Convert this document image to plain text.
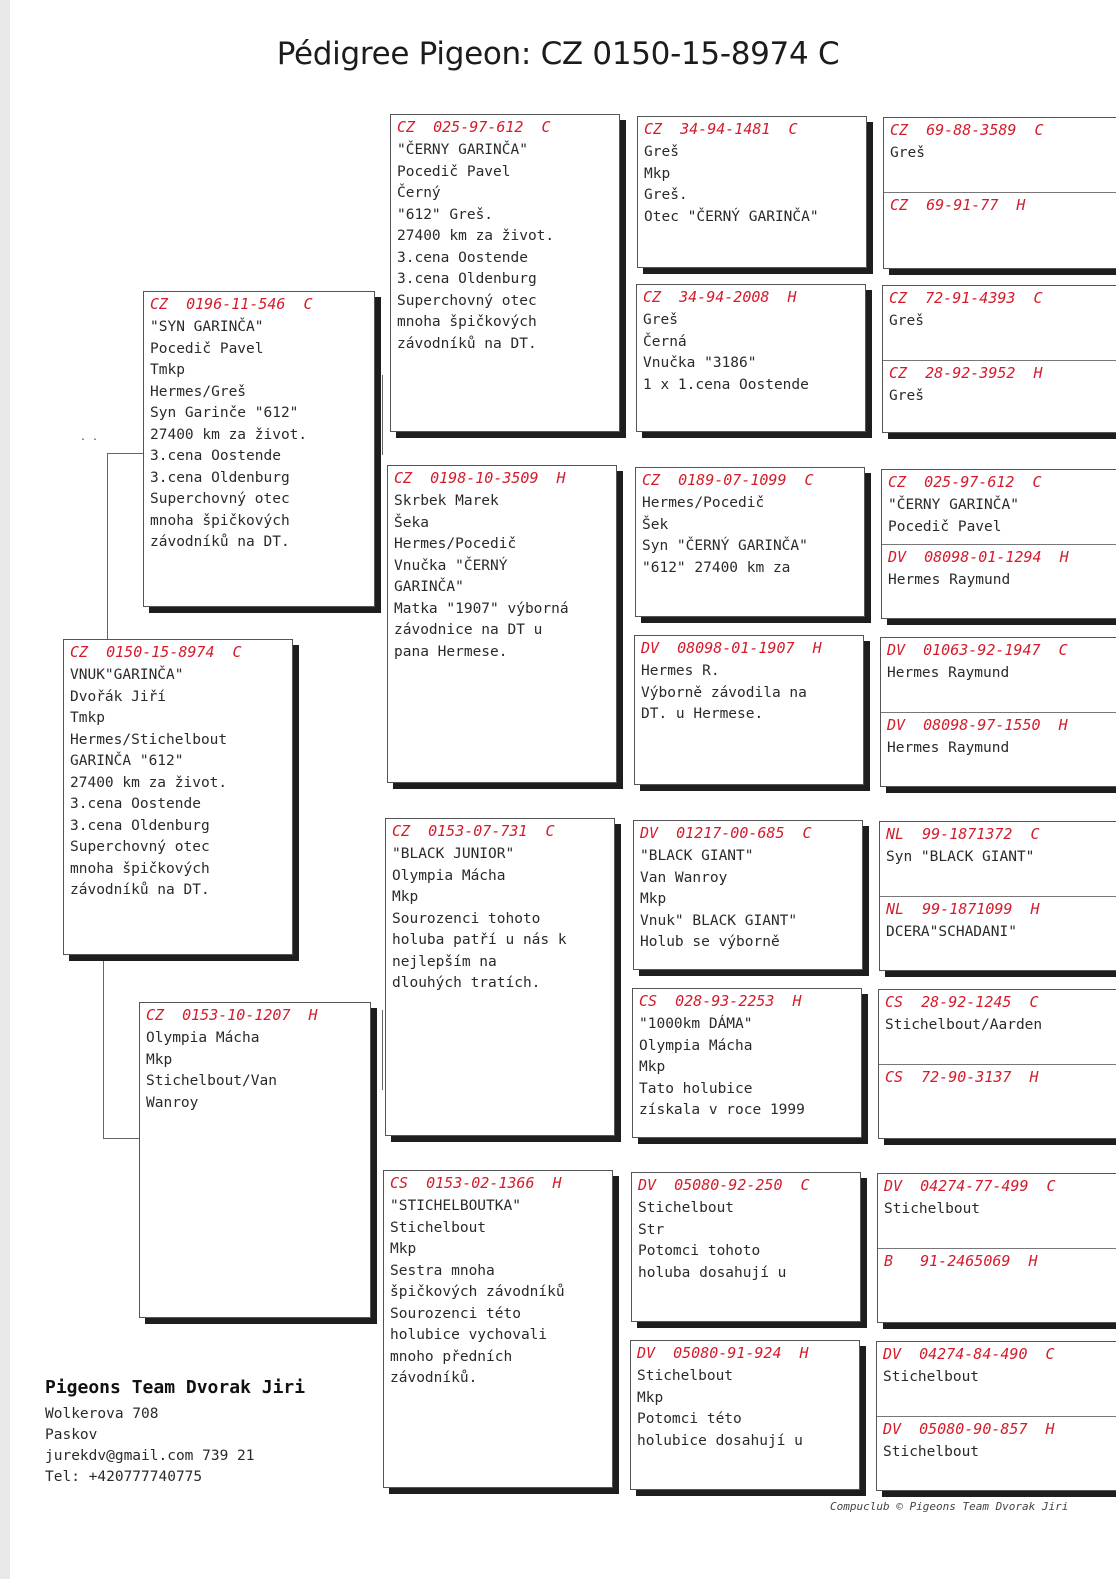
Pédigree Pigeon: CZ 0150-15-8974 C
. .
CZ  0150-15-8974  C
VNUK"GARINČA"
Dvořák Jiří
Tmkp
Hermes/Stichelbout
GARINČA "612"
27400 km za život.
3.cena Oostende
3.cena Oldenburg
Superchovný otec
mnoha špičkových
závodníků na DT.
CZ  0196-11-546  C
"SYN GARINČA"
Pocedič Pavel
Tmkp
Hermes/Greš
Syn Garinče "612"
27400 km za život.
3.cena Oostende
3.cena Oldenburg
Superchovný otec
mnoha špičkových
závodníků na DT.
CZ  0153-10-1207  H
Olympia Mácha
Mkp
Stichelbout/Van
Wanroy
CZ  025-97-612  C
"ČERNY GARINČA"
Pocedič Pavel
Černý
"612" Greš.
27400 km za život.
3.cena Oostende
3.cena Oldenburg
Superchovný otec
mnoha špičkových
závodníků na DT.
CZ  0198-10-3509  H
Skrbek Marek
Šeka
Hermes/Pocedič
Vnučka "ČERNÝ
GARINČA"
Matka "1907" výborná
závodnice na DT u
pana Hermese.
CZ  0153-07-731  C
"BLACK JUNIOR"
Olympia Mácha
Mkp
Sourozenci tohoto
holuba patří u nás k
nejlepším na
dlouhých tratích.
CS  0153-02-1366  H
"STICHELBOUTKA"
Stichelbout
Mkp
Sestra mnoha
špičkových závodníků
Sourozenci této
holubice vychovali
mnoho předních
závodníků.
CZ  34-94-1481  C
Greš
Mkp
Greš.
Otec "ČERNÝ GARINČA"
CZ  34-94-2008  H
Greš
Černá
Vnučka "3186"
1 x 1.cena Oostende
CZ  0189-07-1099  C
Hermes/Pocedič
Šek
Syn "ČERNÝ GARINČA"
"612" 27400 km za
DV  08098-01-1907  H
Hermes R.
Výborně závodila na
DT. u Hermese.
DV  01217-00-685  C
"BLACK GIANT"
Van Wanroy
Mkp
Vnuk" BLACK GIANT"
Holub se výborně
CS  028-93-2253  H
"1000km DÁMA"
Olympia Mácha
Mkp
Tato holubice
získala v roce 1999
DV  05080-92-250  C
Stichelbout
Str
Potomci tohoto
holuba dosahují u
DV  05080-91-924  H
Stichelbout
Mkp
Potomci této
holubice dosahují u
CZ  69-88-3589  C
Greš
CZ  69-91-77  H
CZ  72-91-4393  C
Greš
CZ  28-92-3952  H
Greš
CZ  025-97-612  C
"ČERNY GARINČA"
Pocedič Pavel
DV  08098-01-1294  H
Hermes Raymund
DV  01063-92-1947  C
Hermes Raymund
DV  08098-97-1550  H
Hermes Raymund
NL  99-1871372  C
Syn "BLACK GIANT"
NL  99-1871099  H
DCERA"SCHADANI"
CS  28-92-1245  C
Stichelbout/Aarden
CS  72-90-3137  H
DV  04274-77-499  C
Stichelbout
B   91-2465069  H
DV  04274-84-490  C
Stichelbout
DV  05080-90-857  H
Stichelbout
Pigeons Team Dvorak Jiri
Wolkerova 708
Paskov
jurekdv@gmail.com 739 21
Tel: +420777740775
Compuclub © Pigeons Team Dvorak Jiri
